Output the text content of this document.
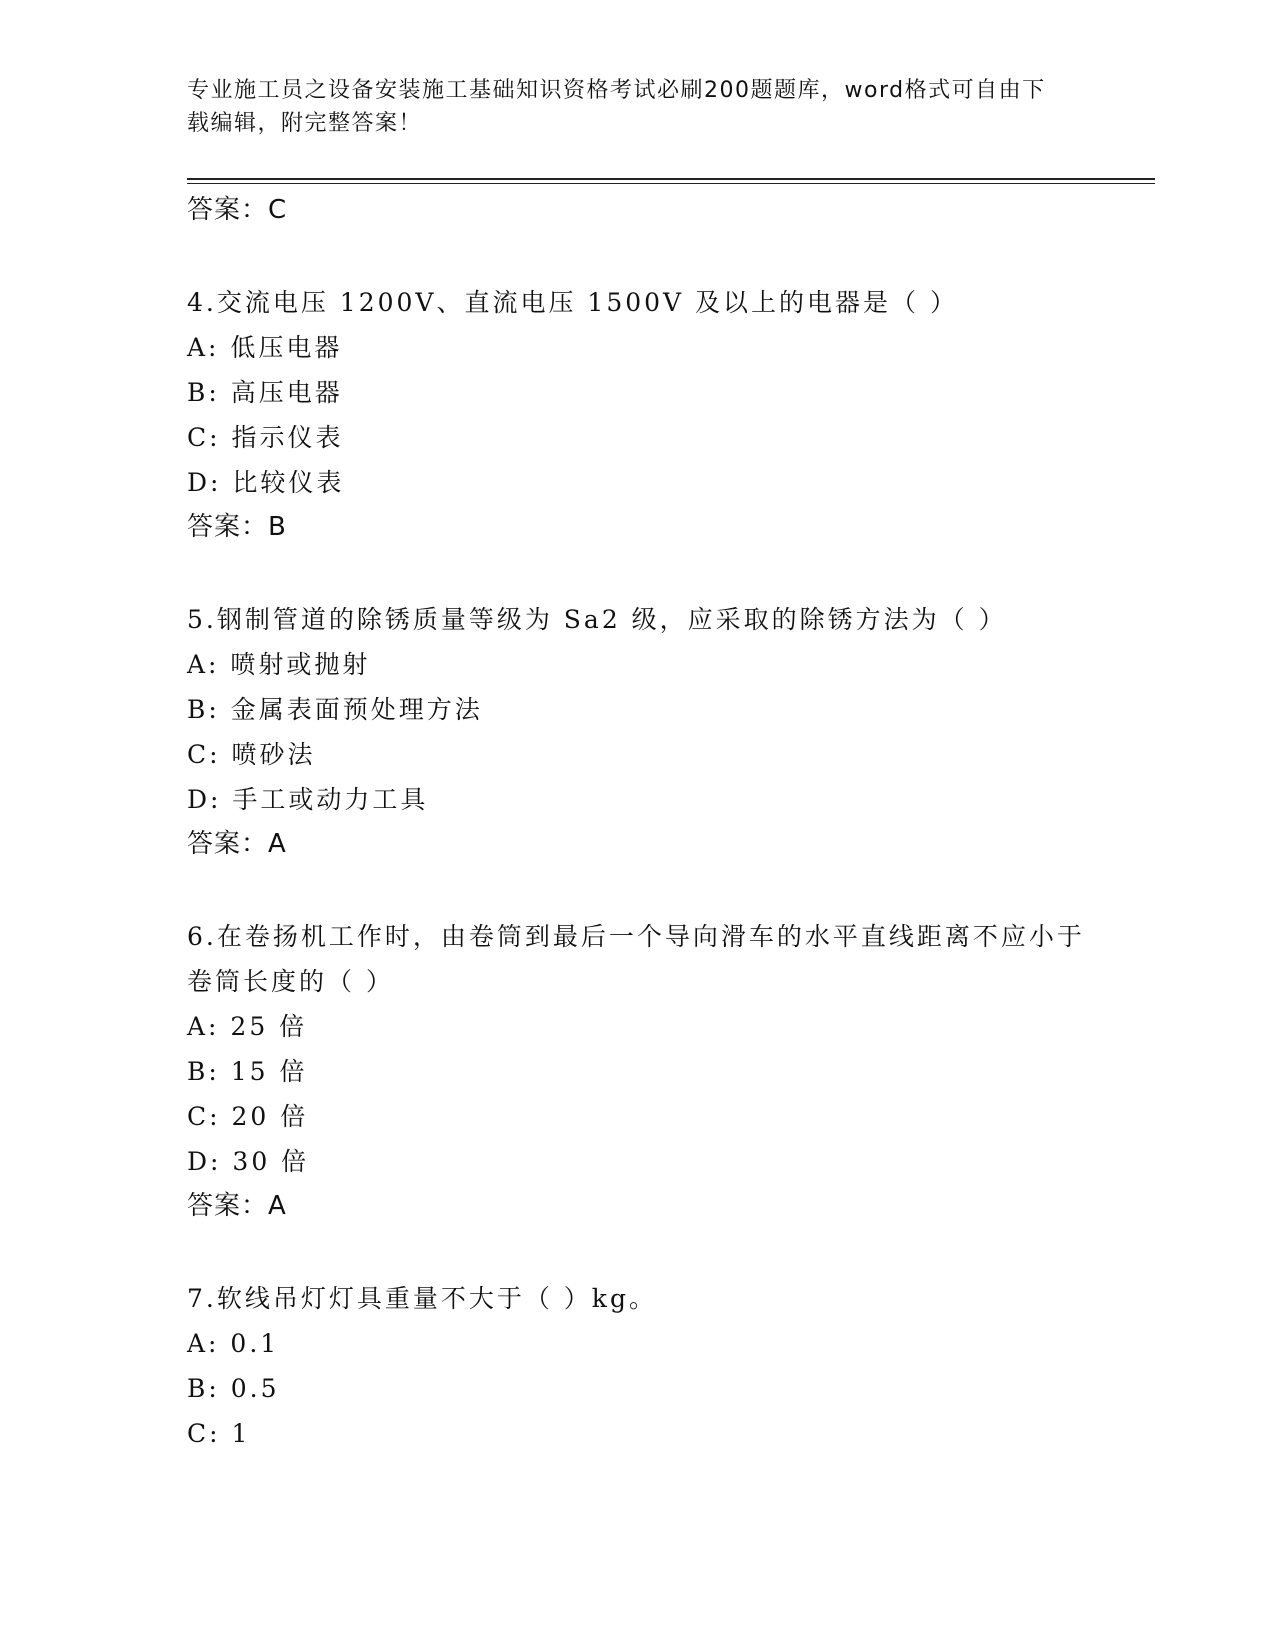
专业施工员之设备安装施工基础知识资格考试必刷200题题库，word格式可自由下载编辑，附完整答案！
答案：C
4.交流电压 1200V、直流电压 1500V 及以上的电器是（ ）
A: 低压电器
B: 高压电器
C: 指示仪表
D: 比较仪表
答案：B
5.钢制管道的除锈质量等级为 Sa2 级，应采取的除锈方法为（ ）
A: 喷射或抛射
B: 金属表面预处理方法
C: 喷砂法
D: 手工或动力工具
答案：A
6.在卷扬机工作时，由卷筒到最后一个导向滑车的水平直线距离不应小于卷筒长度的（ ）
A: 25 倍
B: 15 倍
C: 20 倍
D: 30 倍
答案：A
7.软线吊灯灯具重量不大于（ ）kg。
A: 0.1
B: 0.5
C: 1
